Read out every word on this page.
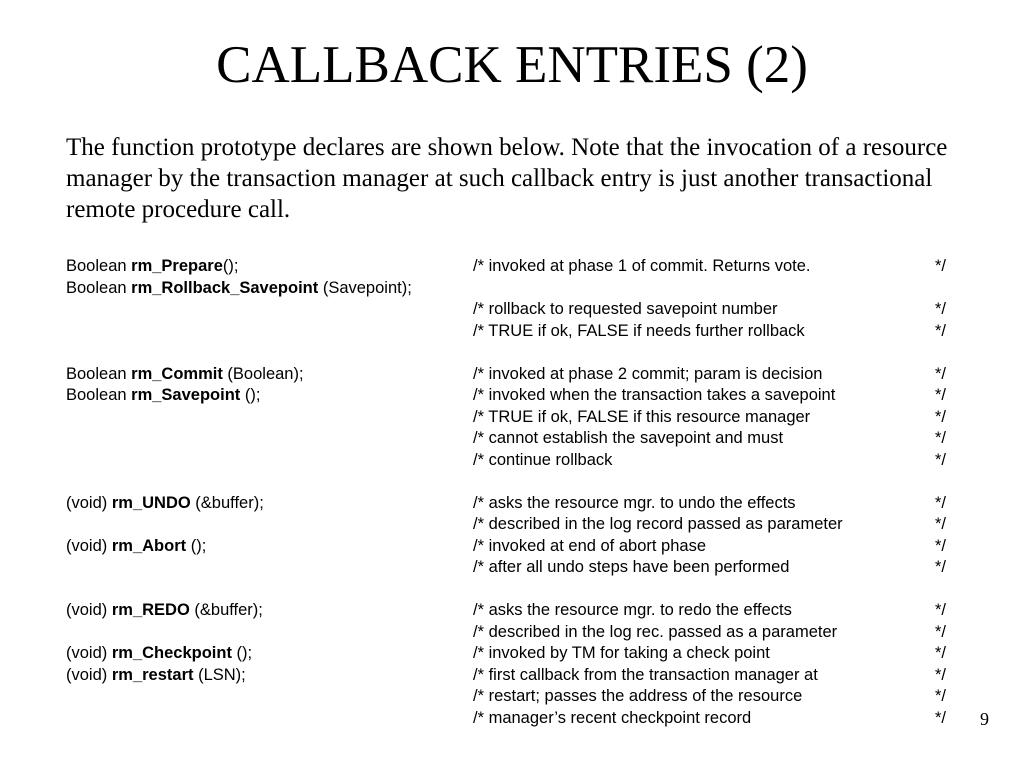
CALLBACK ENTRIES (2)

The function prototype declares are shown below. Note that the invocation of a resource manager by the transaction manager at such callback entry is just another transactional remote procedure call.

Boolean rm_Prepare();	/* invoked at phase 1 of commit. Returns vote.	*/
Boolean rm_Rollback_Savepoint (Savepoint);
/* rollback to requested savepoint number	*/
/* TRUE if ok, FALSE if needs further rollback	*/
Boolean rm_Commit (Boolean);	/* invoked at phase 2 commit; param is decision	*/
Boolean rm_Savepoint ();	/* invoked when the transaction takes a savepoint	*/
/* TRUE if ok, FALSE if this resource manager	*/
/* cannot establish the savepoint and must	*/
/* continue rollback	*/
(void) rm_UNDO (&buffer);	/* asks the resource mgr. to undo the effects	*/
/* described in the log record passed as parameter	*/
(void) rm_Abort ();	/* invoked at end of abort phase	*/
/* after all undo steps have been performed	*/
(void) rm_REDO (&buffer);	/* asks the resource mgr. to redo the effects	*/
/* described in the log rec. passed as a parameter	*/
(void) rm_Checkpoint ();	/* invoked by TM for taking a check point	*/
(void) rm_restart (LSN);	/* first callback from the transaction manager at	*/
/* restart; passes the address of the resource	*/
/* manager’s recent checkpoint record	*/ 9
